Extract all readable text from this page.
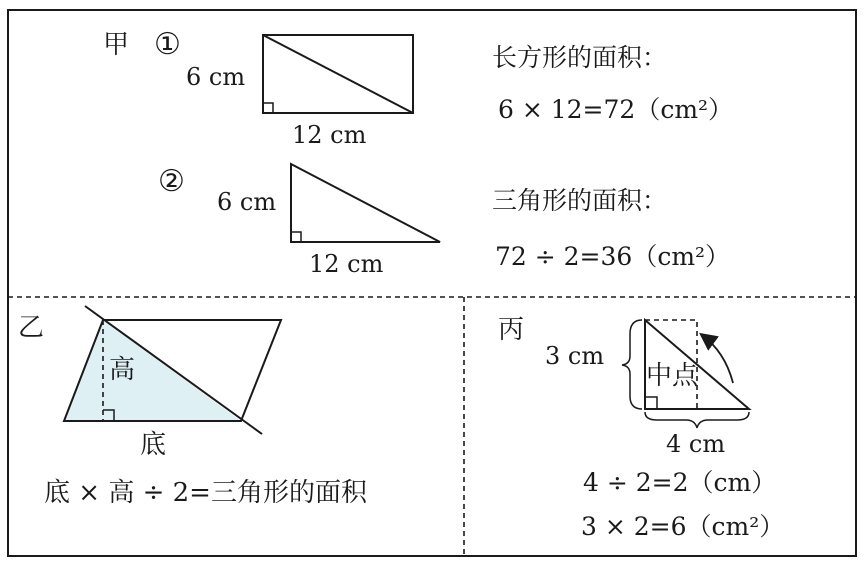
甲 ①
6 cm
12 cm
长方形的面积：
6 × 12=72（cm²）
②
6 cm
12 cm
三角形的面积：
72 ÷ 2=36（cm²）
乙
高
底
底 × 高 ÷ 2=三角形的面积
丙
3 cm
中点
4 cm
4 ÷ 2=2（cm）
3 × 2=6（cm²）
